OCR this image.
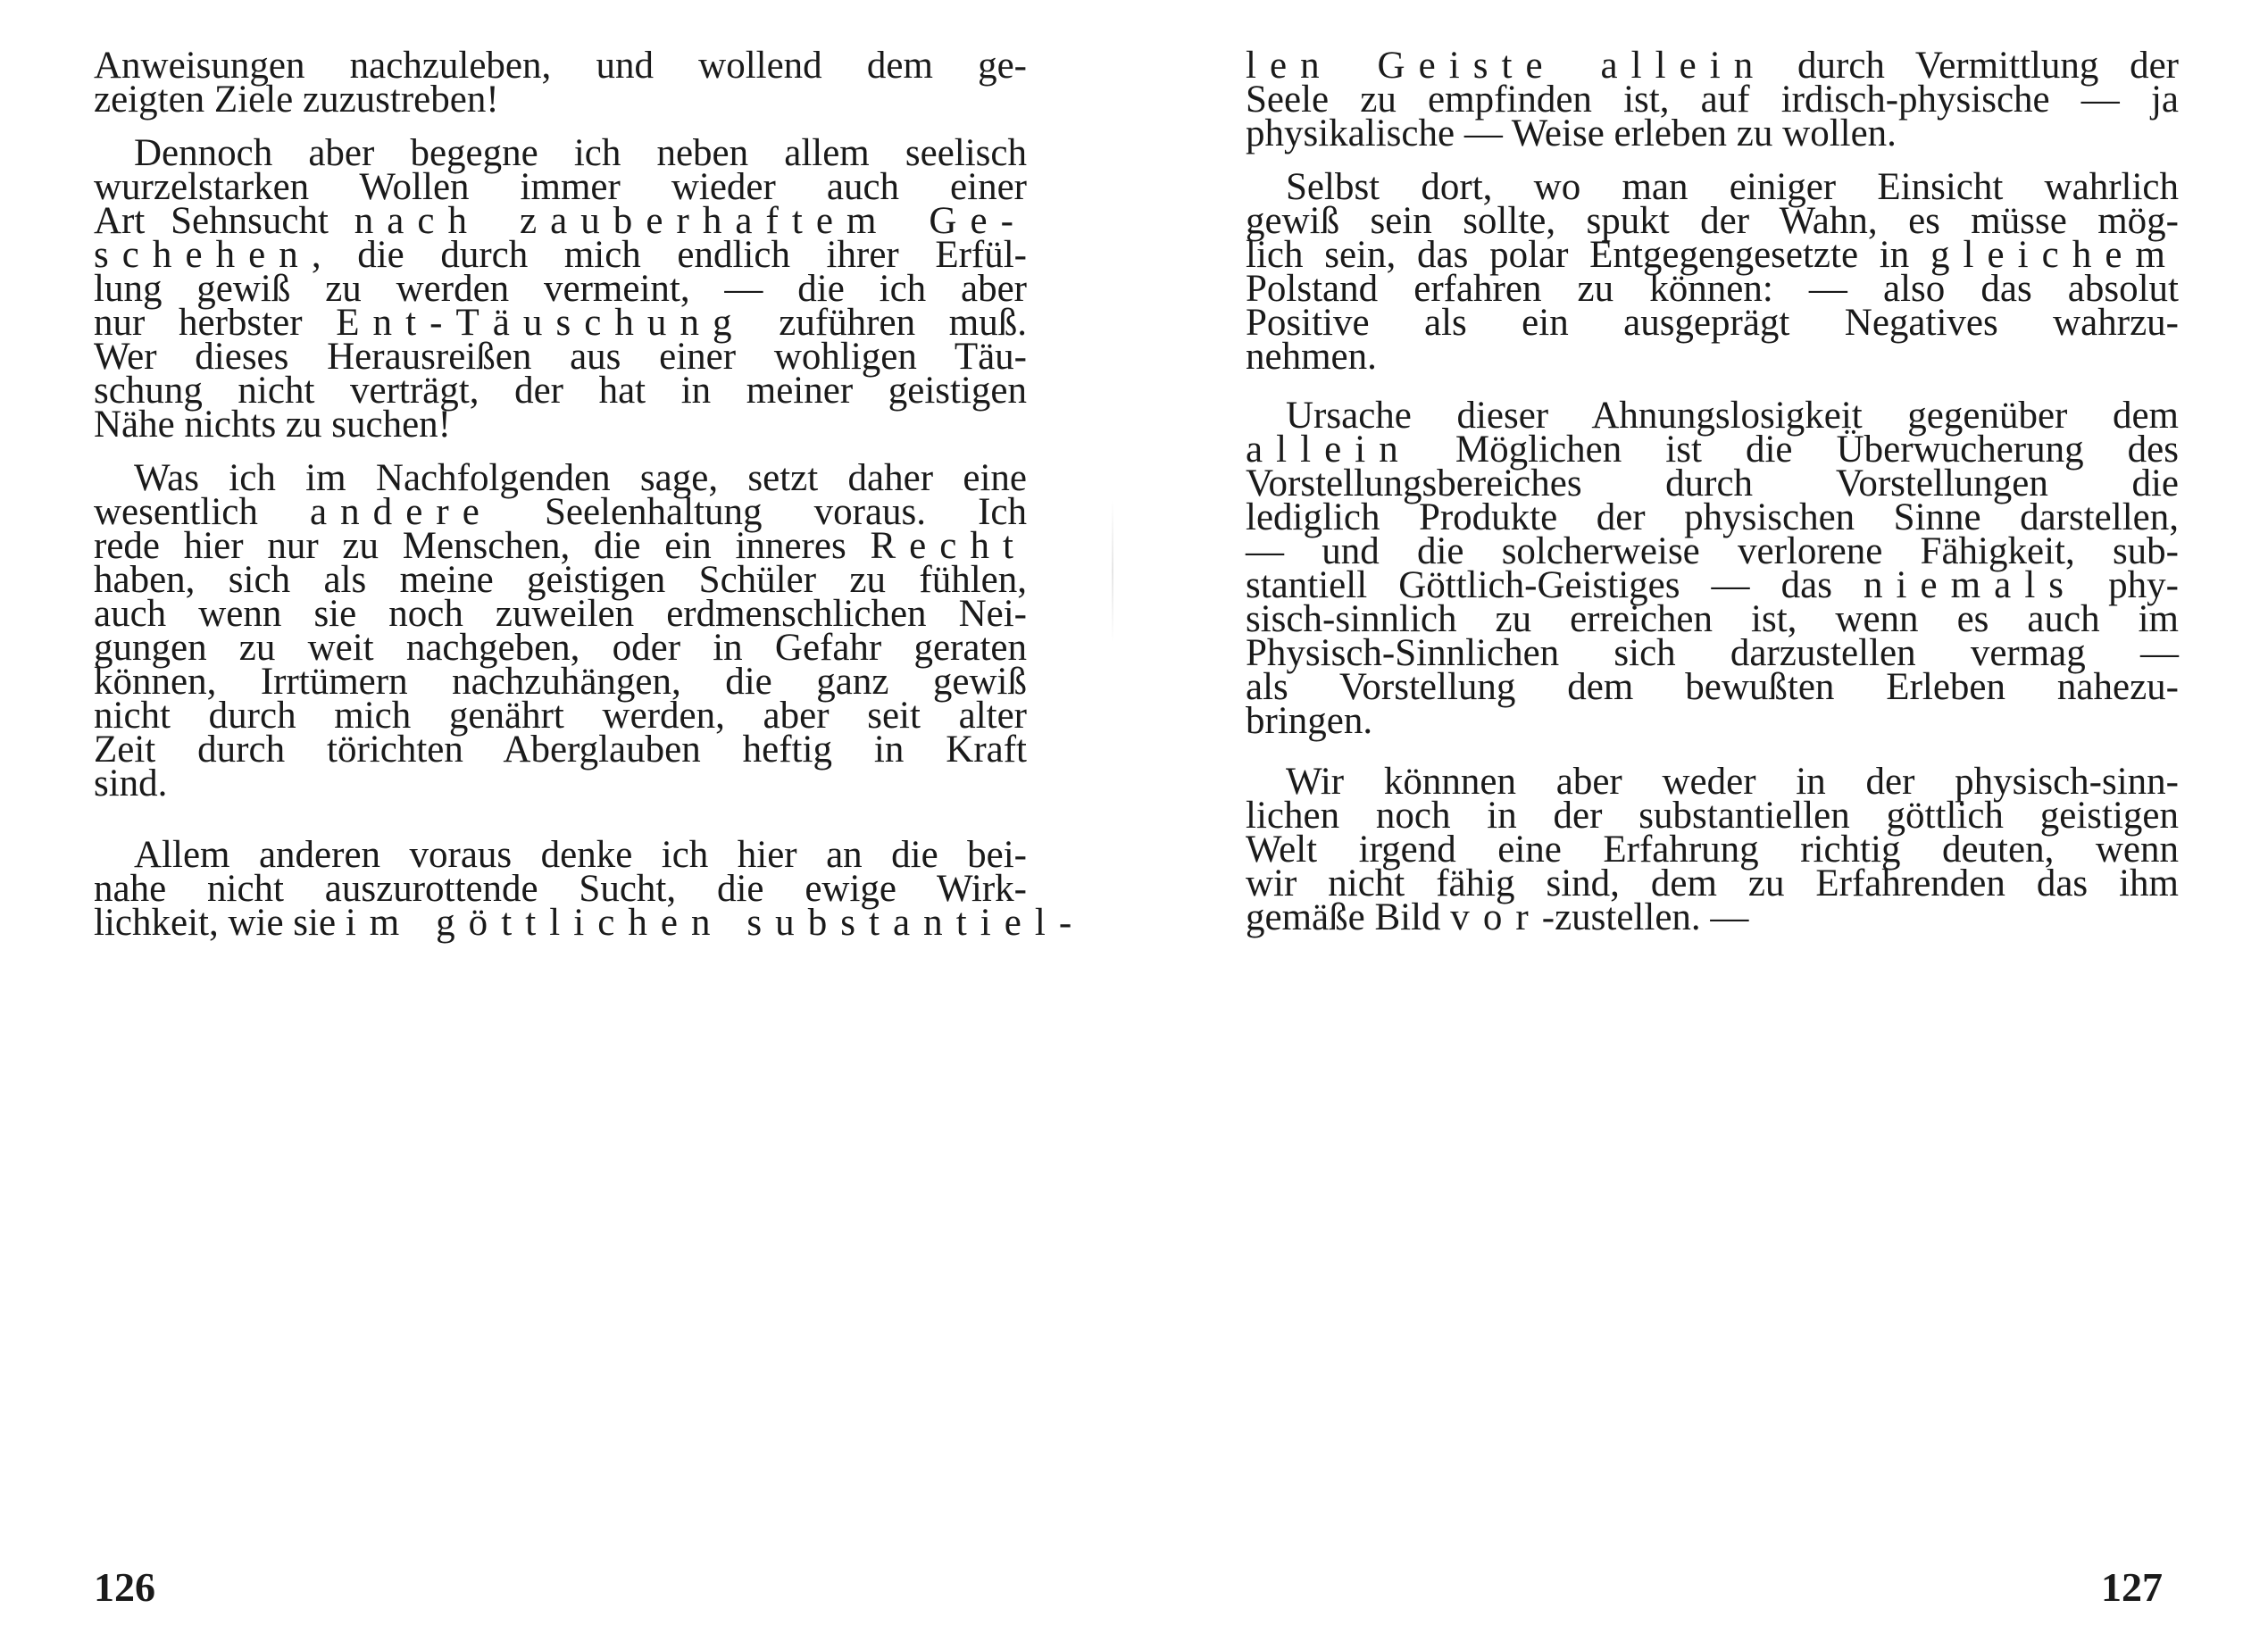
Anweisungen nachzuleben, und wollend dem ge-
zeigten Ziele zuzustreben!
Dennoch aber begegne ich neben allem seelisch
wurzelstarken Wollen immer wieder auch einer
Art Sehnsucht nach zauberhaftem Ge-
schehen, die durch mich endlich ihrer Erfül-
lung gewiß zu werden vermeint, — die ich aber
nur herbster Ent-Täuschung zuführen muß.
Wer dieses Herausreißen aus einer wohligen Täu-
schung nicht verträgt, der hat in meiner geistigen
Nähe nichts zu suchen!
Was ich im Nachfolgenden sage, setzt daher eine
wesentlich andere Seelenhaltung voraus. Ich
rede hier nur zu Menschen, die ein inneres Recht
haben, sich als meine geistigen Schüler zu fühlen,
auch wenn sie noch zuweilen erdmenschlichen Nei-
gungen zu weit nachgeben, oder in Gefahr geraten
können, Irrtümern nachzuhängen, die ganz gewiß
nicht durch mich genährt werden, aber seit alter
Zeit durch törichten Aberglauben heftig in Kraft
sind.
Allem anderen voraus denke ich hier an die bei-
nahe nicht auszurottende Sucht, die ewige Wirk-
lichkeit, wie sie im göttlichen substantiel-
126
len Geiste allein durch Vermittlung der
Seele zu empfinden ist, auf irdisch-physische — ja
physikalische — Weise erleben zu wollen.
Selbst dort, wo man einiger Einsicht wahrlich
gewiß sein sollte, spukt der Wahn, es müsse mög-
lich sein, das polar Entgegengesetzte in gleichem
Polstand erfahren zu können: — also das absolut
Positive als ein ausgeprägt Negatives wahrzu-
nehmen.
Ursache dieser Ahnungslosigkeit gegenüber dem
allein Möglichen ist die Überwucherung des
Vorstellungsbereiches durch Vorstellungen die
lediglich Produkte der physischen Sinne darstellen,
— und die solcherweise verlorene Fähigkeit, sub-
stantiell Göttlich-Geistiges — das niemals phy-
sisch-sinnlich zu erreichen ist, wenn es auch im
Physisch-Sinnlichen sich darzustellen vermag —
als Vorstellung dem bewußten Erleben nahezu-
bringen.
Wir könnnen aber weder in der physisch-sinn-
lichen noch in der substantiellen göttlich geistigen
Welt irgend eine Erfahrung richtig deuten, wenn
wir nicht fähig sind, dem zu Erfahrenden das ihm
gemäße Bild vor-zustellen. —
127
